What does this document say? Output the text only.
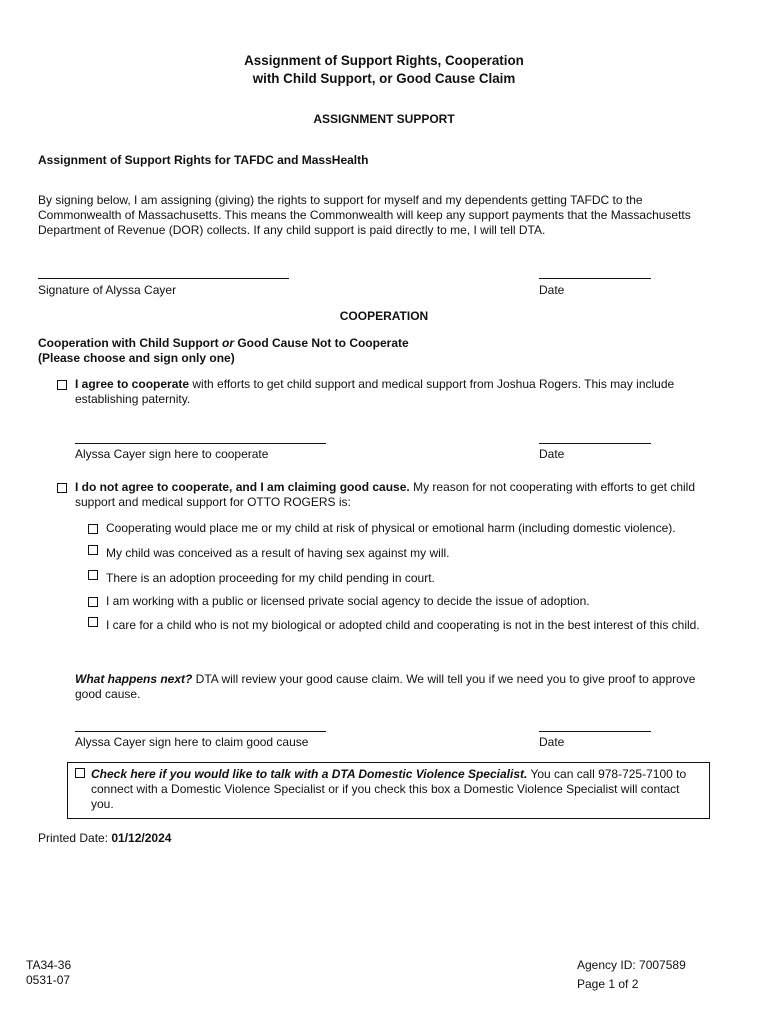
Assignment of Support Rights, Cooperation
with Child Support, or Good Cause Claim
ASSIGNMENT SUPPORT
Assignment of Support Rights for TAFDC and MassHealth
By signing below, I am assigning (giving) the rights to support for myself and my dependents getting TAFDC to the Commonwealth of Massachusetts. This means the Commonwealth will keep any support payments that the Massachusetts Department of Revenue (DOR) collects. If any child support is paid directly to me, I will tell DTA.
Signature of Alyssa Cayer	Date
COOPERATION
Cooperation with Child Support or Good Cause Not to Cooperate
(Please choose and sign only one)
I agree to cooperate with efforts to get child support and medical support from Joshua Rogers. This may include establishing paternity.
Alyssa Cayer sign here to cooperate	Date
I do not agree to cooperate, and I am claiming good cause. My reason for not cooperating with efforts to get child support and medical support for OTTO ROGERS is:
Cooperating would place me or my child at risk of physical or emotional harm (including domestic violence).
My child was conceived as a result of having sex against my will.
There is an adoption proceeding for my child pending in court.
I am working with a public or licensed private social agency to decide the issue of adoption.
I care for a child who is not my biological or adopted child and cooperating is not in the best interest of this child.
What happens next? DTA will review your good cause claim. We will tell you if we need you to give proof to approve good cause.
Alyssa Cayer sign here to claim good cause	Date
Check here if you would like to talk with a DTA Domestic Violence Specialist. You can call 978-725-7100 to connect with a Domestic Violence Specialist or if you check this box a Domestic Violence Specialist will contact you.
Printed Date: 01/12/2024
TA34-36
0531-07
Agency ID: 7007589
Page 1 of 2
